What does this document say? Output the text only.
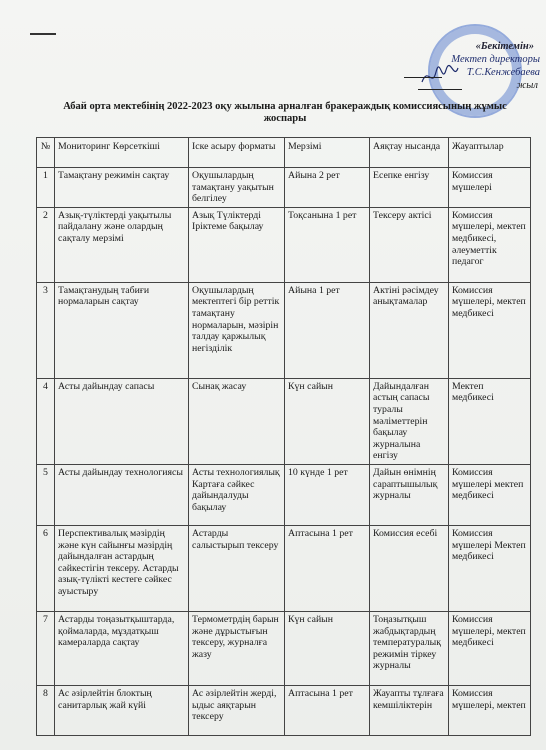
«Бекітемін»
Мектеп директоры
Т.С.Кенжебаева
жыл
Абай орта мектебінің 2022-2023 оқу жылына арналған бракераждық комиссиясының жұмыс
жоспары
№	Мониторинг Көрсеткіші	Іске асыру форматы	Мерзімі	Аяқтау нысанда	Жауаптылар
1	Тамақтану режимін сақтау	Оқушылардың тамақтану уақытын белгілеу	Айына 2 рет	Есепке енгізу	Комиссия мүшелері
2	Азық-түліктерді уақытылы пайдалану және олардың сақталу мерзімі	Азық Түліктерді Іріктеме бақылау	Тоқсанына 1 рет	Тексеру актісі	Комиссия мүшелері, мектеп медбикесі, әлеуметтік педагог
3	Тамақтанудың табиғи нормаларын сақтау	Оқушылардың мектептегі бір реттік тамақтану нормаларын, мәзірін талдау қаржылық негізділік	Айына 1 рет	Актіні рәсімдеу анықтамалар	Комиссия мүшелері, мектеп медбикесі
4	Асты дайындау сапасы	Сынақ жасау	Күн сайын	Дайындалған астың сапасы туралы мәліметтерін бақылау журналына енгізу	Мектеп медбикесі
5	Асты дайындау технологиясы	Асты технологиялық Картаға сәйкес дайындалуды бақылау	10 күнде 1 рет	Дайын өнімнің сараптышылық журналы	Комиссия мүшелері мектеп медбикесі
6	Перспективалық мәзірдің және күн сайынғы мәзірдің дайындалған астардың сәйкестігін тексеру. Астарды азық-түлікті кестеге сәйкес ауыстыру	Астарды салыстырып тексеру	Аптасына 1 рет	Комиссия есебі	Комиссия мүшелері Мектеп медбикесі
7	Астарды тоңазытқыштарда, қоймаларда, мұздатқыш камераларда сақтау	Термометрдің барын және дұрыстығын тексеру, журналға жазу	Күн сайын	Тоңазытқыш жабдықтардың температуралық режимін тіркеу журналы	Комиссия мүшелері, мектеп медбикесі
8	Ас әзірлейтін блоктың санитарлық жай күйі	Ас әзірлейтін жерді, ыдыс аяқтарын тексеру	Аптасына 1 рет	Жауапты тұлғаға кемшіліктерін	Комиссия мүшелері, мектеп
